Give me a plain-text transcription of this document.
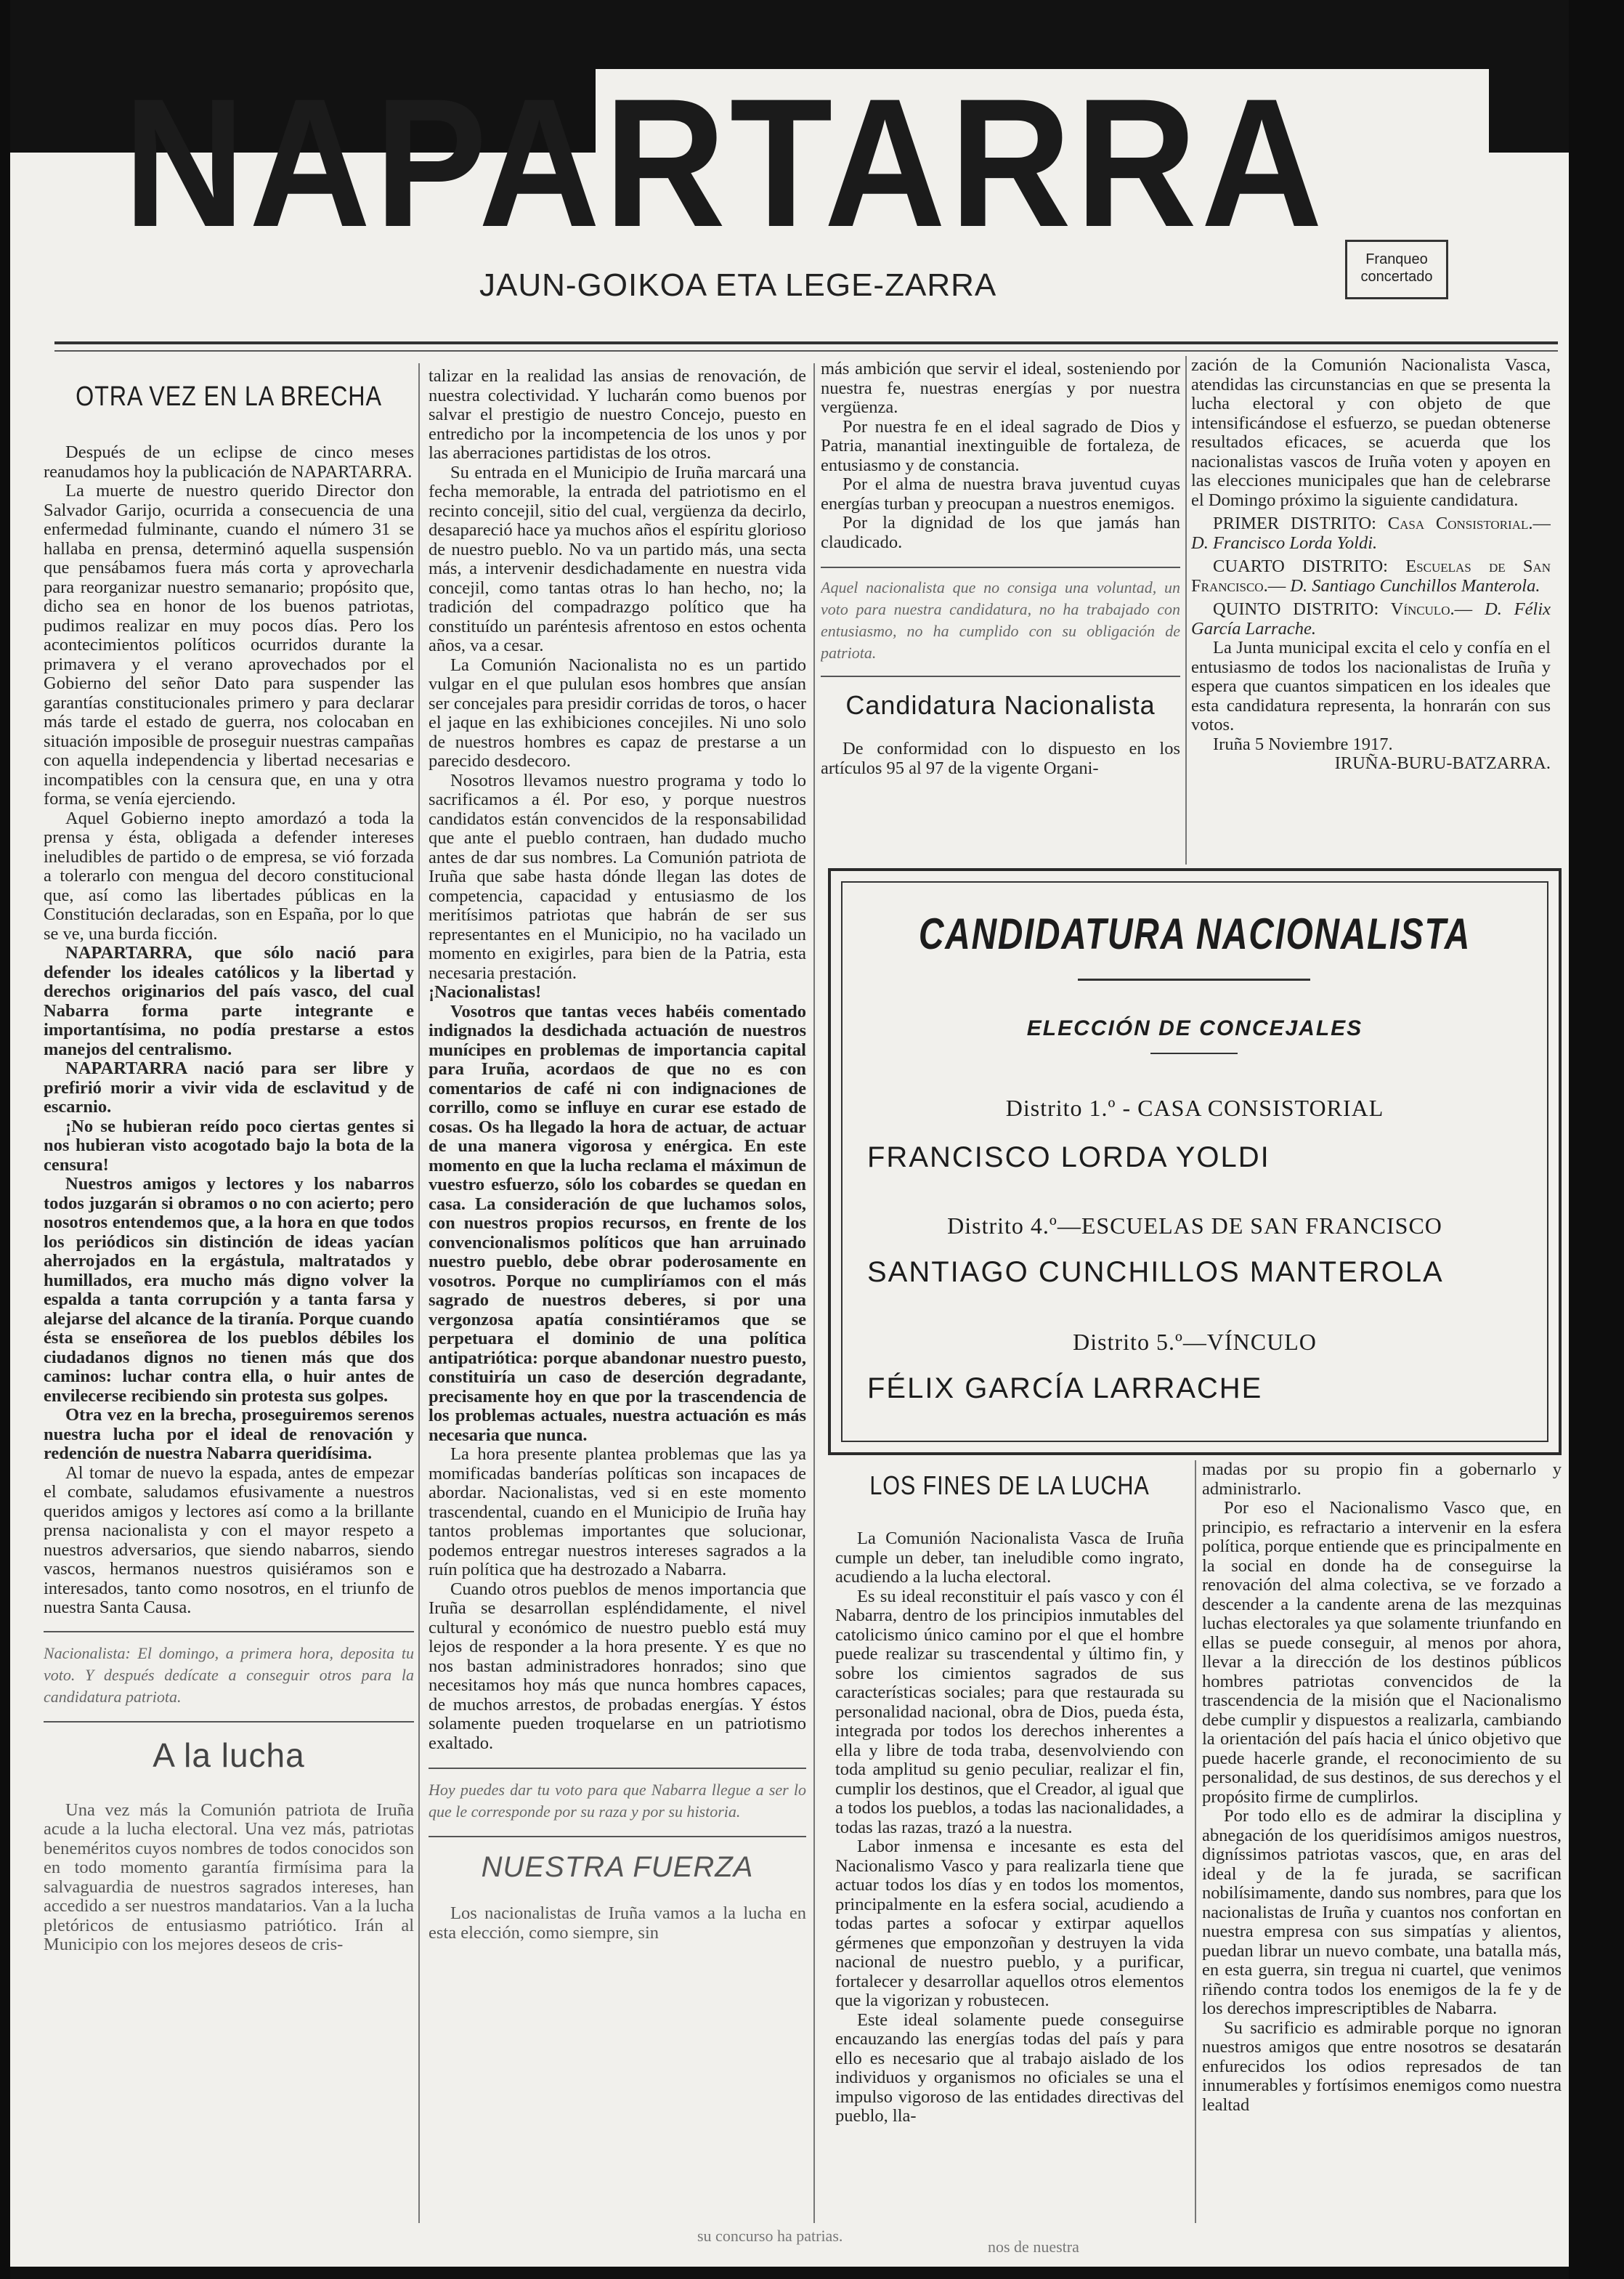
NAPARTARRA
JAUN-GOIKOA ETA LEGE-ZARRA
Franqueo concertado
OTRA VEZ EN LA BRECHA

Después de un eclipse de cinco meses reanudamos hoy la publicación de NAPARTARRA.

La muerte de nuestro querido Director don Salvador Garijo, ocurrida a consecuencia de una enfermedad fulminante, cuando el número 31 se hallaba en prensa, determinó aquella suspensión que pensábamos fuera más corta y aprovecharla para reorganizar nuestro semanario; propósito que, dicho sea en honor de los buenos patriotas, pudimos realizar en muy pocos días. Pero los acontecimientos políticos ocurridos durante la primavera y el verano aprovechados por el Gobierno del señor Dato para suspender las garantías constitucionales primero y para declarar más tarde el estado de guerra, nos colocaban en situación imposible de proseguir nuestras campañas con aquella independencia y libertad necesarias e incompatibles con la censura que, en una y otra forma, se venía ejerciendo.

Aquel Gobierno inepto amordazó a toda la prensa y ésta, obligada a defender intereses ineludibles de partido o de empresa, se vió forzada a tolerarlo con mengua del decoro constitucional que, así como las libertades públicas en la Constitución declaradas, son en España, por lo que se ve, una burda ficción.

NAPARTARRA, que sólo nació para defender los ideales católicos y la libertad y derechos originarios del país vasco, del cual Nabarra forma parte integrante e importantísima, no podía prestarse a estos manejos del centralismo.

NAPARTARRA nació para ser libre y prefirió morir a vivir vida de esclavitud y de escarnio.

¡No se hubieran reído poco ciertas gentes si nos hubieran visto acogotado bajo la bota de la censura!

Nuestros amigos y lectores y los nabarros todos juzgarán si obramos o no con acierto; pero nosotros entendemos que, a la hora en que todos los periódicos sin distinción de ideas yacían aherrojados en la ergástula, maltratados y humillados, era mucho más digno volver la espalda a tanta corrupción y a tanta farsa y alejarse del alcance de la tiranía. Porque cuando ésta se enseñorea de los pueblos débiles los ciudadanos dignos no tienen más que dos caminos: luchar contra ella, o huir antes de envilecerse recibiendo sin protesta sus golpes.

Otra vez en la brecha, proseguiremos serenos nuestra lucha por el ideal de renovación y redención de nuestra Nabarra queridísima.

Al tomar de nuevo la espada, antes de empezar el combate, saludamos efusivamente a nuestros queridos amigos y lectores así como a la brillante prensa nacionalista y con el mayor respeto a nuestros adversarios, que siendo nabarros, siendo vascos, hermanos nuestros quisiéramos son e interesados, tanto como nosotros, en el triunfo de nuestra Santa Causa.

Nacionalista: El domingo, a primera hora, deposita tu voto. Y después dedícate a conseguir otros para la candidatura patriota.
A la lucha

Una vez más la Comunión patriota de Iruña acude a la lucha electoral. Una vez más, patriotas beneméritos cuyos nombres de todos conocidos son en todo momento garantía firmísima para la salvaguardia de nuestros sagrados intereses, han accedido a ser nuestros mandatarios. Van a la lucha pletóricos de entusiasmo patriótico. Irán al Municipio con los mejores deseos de cris-

talizar en la realidad las ansias de renovación, de nuestra colectividad. Y lucharán como buenos por salvar el prestigio de nuestro Concejo, puesto en entredicho por la incompetencia de los unos y por las aberraciones partidistas de los otros.

Su entrada en el Municipio de Iruña marcará una fecha memorable, la entrada del patriotismo en el recinto concejil, sitio del cual, vergüenza da decirlo, desapareció hace ya muchos años el espíritu glorioso de nuestro pueblo. No va un partido más, una secta más, a intervenir desdichadamente en nuestra vida concejil, como tantas otras lo han hecho, no; la tradición del compadrazgo político que ha constituído un paréntesis afrentoso en estos ochenta años, va a cesar.

La Comunión Nacionalista no es un partido vulgar en el que pululan esos hombres que ansían ser concejales para presidir corridas de toros, o hacer el jaque en las exhibiciones concejiles. Ni uno solo de nuestros hombres es capaz de prestarse a un parecido desdecoro.

Nosotros llevamos nuestro programa y todo lo sacrificamos a él. Por eso, y porque nuestros candidatos están convencidos de la responsabilidad que ante el pueblo contraen, han dudado mucho antes de dar sus nombres. La Comunión patriota de Iruña que sabe hasta dónde llegan las dotes de competencia, capacidad y entusiasmo de los meritísimos patriotas que habrán de ser sus representantes en el Municipio, no ha vacilado un momento en exigirles, para bien de la Patria, esta necesaria prestación.

¡Nacionalistas!

Vosotros que tantas veces habéis comentado indignados la desdichada actuación de nuestros munícipes en problemas de importancia capital para Iruña, acordaos de que no es con comentarios de café ni con indignaciones de corrillo, como se influye en curar ese estado de cosas. Os ha llegado la hora de actuar, de actuar de una manera vigorosa y enérgica. En este momento en que la lucha reclama el máximun de vuestro esfuerzo, sólo los cobardes se quedan en casa. La consideración de que luchamos solos, con nuestros propios recursos, en frente de los convencionalismos políticos que han arruinado nuestro pueblo, debe obrar poderosamente en vosotros. Porque no cumpliríamos con el más sagrado de nuestros deberes, si por una vergonzosa apatía consintiéramos que se perpetuara el dominio de una política antipatriótica: porque abandonar nuestro puesto, constituiría un caso de deserción degradante, precisamente hoy en que por la trascendencia de los problemas actuales, nuestra actuación es más necesaria que nunca.

La hora presente plantea problemas que las ya momificadas banderías políticas son incapaces de abordar. Nacionalistas, ved si en este momento trascendental, cuando en el Municipio de Iruña hay tantos problemas importantes que solucionar, podemos entregar nuestros intereses sagrados a la ruín política que ha destrozado a Nabarra.

Cuando otros pueblos de menos importancia que Iruña se desarrollan espléndidamente, el nivel cultural y económico de nuestro pueblo está muy lejos de responder a la hora presente. Y es que no nos bastan administradores honrados; sino que necesitamos hoy más que nunca hombres capaces, de muchos arrestos, de probadas energías. Y éstos solamente pueden troquelarse en un patriotismo exaltado.

Hoy puedes dar tu voto para que Nabarra llegue a ser lo que le corresponde por su raza y por su historia.
NUESTRA FUERZA

Los nacionalistas de Iruña vamos a la lucha en esta elección, como siempre, sin

más ambición que servir el ideal, sosteniendo por nuestra fe, nuestras energías y por nuestra vergüenza.

Por nuestra fe en el ideal sagrado de Dios y Patria, manantial inextinguible de fortaleza, de entusiasmo y de constancia.

Por el alma de nuestra brava juventud cuyas energías turban y preocupan a nuestros enemigos.

Por la dignidad de los que jamás han claudicado.

Aquel nacionalista que no consiga una voluntad, un voto para nuestra candidatura, no ha trabajado con entusiasmo, no ha cumplido con su obligación de patriota.
Candidatura Nacionalista

De conformidad con lo dispuesto en los artículos 95 al 97 de la vigente Organi-

zación de la Comunión Nacionalista Vasca, atendidas las circunstancias en que se presenta la lucha electoral y con objeto de que intensificándose el esfuerzo, se puedan obtenerse resultados eficaces, se acuerda que los nacionalistas vascos de Iruña voten y apoyen en las elecciones municipales que han de celebrarse el Domingo próximo la siguiente candidatura.

PRIMER DISTRITO: Casa Consistorial.— D. Francisco Lorda Yoldi.

CUARTO DISTRITO: Escuelas de San Francisco.— D. Santiago Cunchillos Manterola.

QUINTO DISTRITO: Vínculo.— D. Félix García Larrache.

La Junta municipal excita el celo y confía en el entusiasmo de todos los nacionalistas de Iruña y espera que cuantos simpaticen en los ideales que esta candidatura representa, la honrarán con sus votos.

Iruña 5 Noviembre 1917.

IRUÑA-BURU-BATZARRA.
CANDIDATURA NACIONALISTA
ELECCIÓN DE CONCEJALES
Distrito 1.º - CASA CONSISTORIAL
FRANCISCO LORDA YOLDI
Distrito 4.º—ESCUELAS DE SAN FRANCISCO
SANTIAGO CUNCHILLOS MANTEROLA
Distrito 5.º—VÍNCULO
FÉLIX GARCÍA LARRACHE
LOS FINES DE LA LUCHA

La Comunión Nacionalista Vasca de Iruña cumple un deber, tan ineludible como ingrato, acudiendo a la lucha electoral.

Es su ideal reconstituir el país vasco y con él Nabarra, dentro de los principios inmutables del catolicismo único camino por el que el hombre puede realizar su trascendental y último fin, y sobre los cimientos sagrados de sus características sociales; para que restaurada su personalidad nacional, obra de Dios, pueda ésta, integrada por todos los derechos inherentes a ella y libre de toda traba, desenvolviendo con toda amplitud su genio peculiar, realizar el fin, cumplir los destinos, que el Creador, al igual que a todos los pueblos, a todas las nacionalidades, a todas las razas, trazó a la nuestra.

Labor inmensa e incesante es esta del Nacionalismo Vasco y para realizarla tiene que actuar todos los días y en todos los momentos, principalmente en la esfera social, acudiendo a todas partes a sofocar y extirpar aquellos gérmenes que emponzoñan y destruyen la vida nacional de nuestro pueblo, y a purificar, fortalecer y desarrollar aquellos otros elementos que la vigorizan y robustecen.

Este ideal solamente puede conseguirse encauzando las energías todas del país y para ello es necesario que al trabajo aislado de los individuos y organismos no oficiales se una el impulso vigoroso de las entidades directivas del pueblo, lla-

madas por su propio fin a gobernarlo y administrarlo.

Por eso el Nacionalismo Vasco que, en principio, es refractario a intervenir en la esfera política, porque entiende que es principalmente en la social en donde ha de conseguirse la renovación del alma colectiva, se ve forzado a descender a la candente arena de las mezquinas luchas electorales ya que solamente triunfando en ellas se puede conseguir, al menos por ahora, llevar a la dirección de los destinos públicos hombres patriotas convencidos de la trascendencia de la misión que el Nacionalismo debe cumplir y dispuestos a realizarla, cambiando la orientación del país hacia el único objetivo que puede hacerle grande, el reconocimiento de su personalidad, de sus destinos, de sus derechos y el propósito firme de cumplirlos.

Por todo ello es de admirar la disciplina y abnegación de los queridísimos amigos nuestros, digníssimos patriotas vascos, que, en aras del ideal y de la fe jurada, se sacrifican nobilísimamente, dando sus nombres, para que los nacionalistas de Iruña y cuantos nos confortan en nuestra empresa con sus simpatías y alientos, puedan librar un nuevo combate, una batalla más, en esta guerra, sin tregua ni cuartel, que venimos riñendo contra todos los enemigos de la fe y de los derechos imprescriptibles de Nabarra.

Su sacrificio es admirable porque no ignoran nuestros amigos que entre nosotros se desatarán enfurecidos los odios represados de tan innumerables y fortísimos enemigos como nuestra lealtad

su concurso ha patrias.
nos de nuestra
